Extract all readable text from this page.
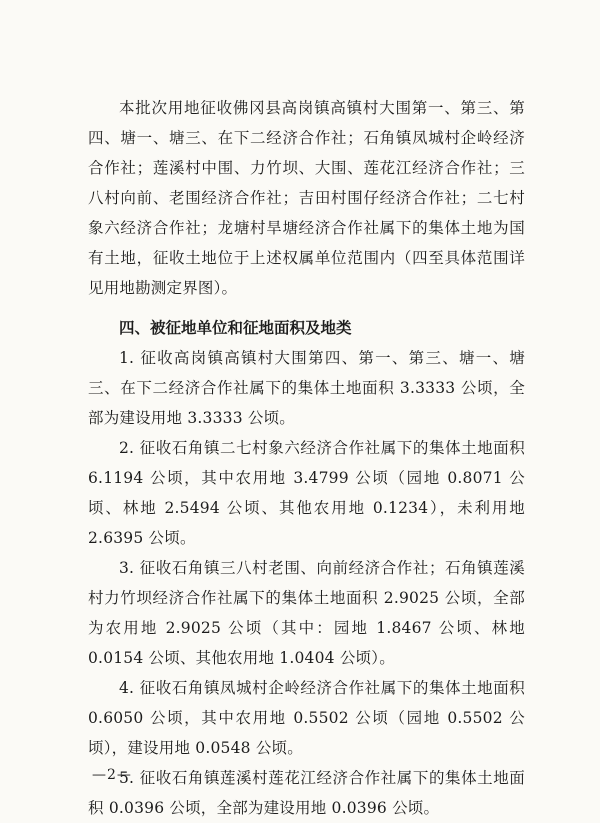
本批次用地征收佛冈县高岗镇高镇村大围第一、第三、第四、塘一、塘三、在下二经济合作社；石角镇凤城村企岭经济合作社；莲溪村中围、力竹坝、大围、莲花江经济合作社；三八村向前、老围经济合作社；吉田村围仔经济合作社；二七村象六经济合作社；龙塘村旱塘经济合作社属下的集体土地为国有土地，征收土地位于上述权属单位范围内（四至具体范围详见用地勘测定界图）。

四、被征地单位和征地面积及地类

1. 征收高岗镇高镇村大围第四、第一、第三、塘一、塘三、在下二经济合作社属下的集体土地面积 3.3333 公顷，全部为建设用地 3.3333 公顷。

2. 征收石角镇二七村象六经济合作社属下的集体土地面积 6.1194 公顷，其中农用地 3.4799 公顷（园地 0.8071 公顷、林地 2.5494 公顷、其他农用地 0.1234），未利用地 2.6395 公顷。

3. 征收石角镇三八村老围、向前经济合作社；石角镇莲溪村力竹坝经济合作社属下的集体土地面积 2.9025 公顷，全部为农用地 2.9025 公顷（其中：园地 1.8467 公顷、林地 0.0154 公顷、其他农用地 1.0404 公顷）。

4. 征收石角镇凤城村企岭经济合作社属下的集体土地面积 0.6050 公顷，其中农用地 0.5502 公顷（园地 0.5502 公顷），建设用地 0.0548 公顷。

5. 征收石角镇莲溪村莲花江经济合作社属下的集体土地面积 0.0396 公顷，全部为建设用地 0.0396 公顷。

—2—
